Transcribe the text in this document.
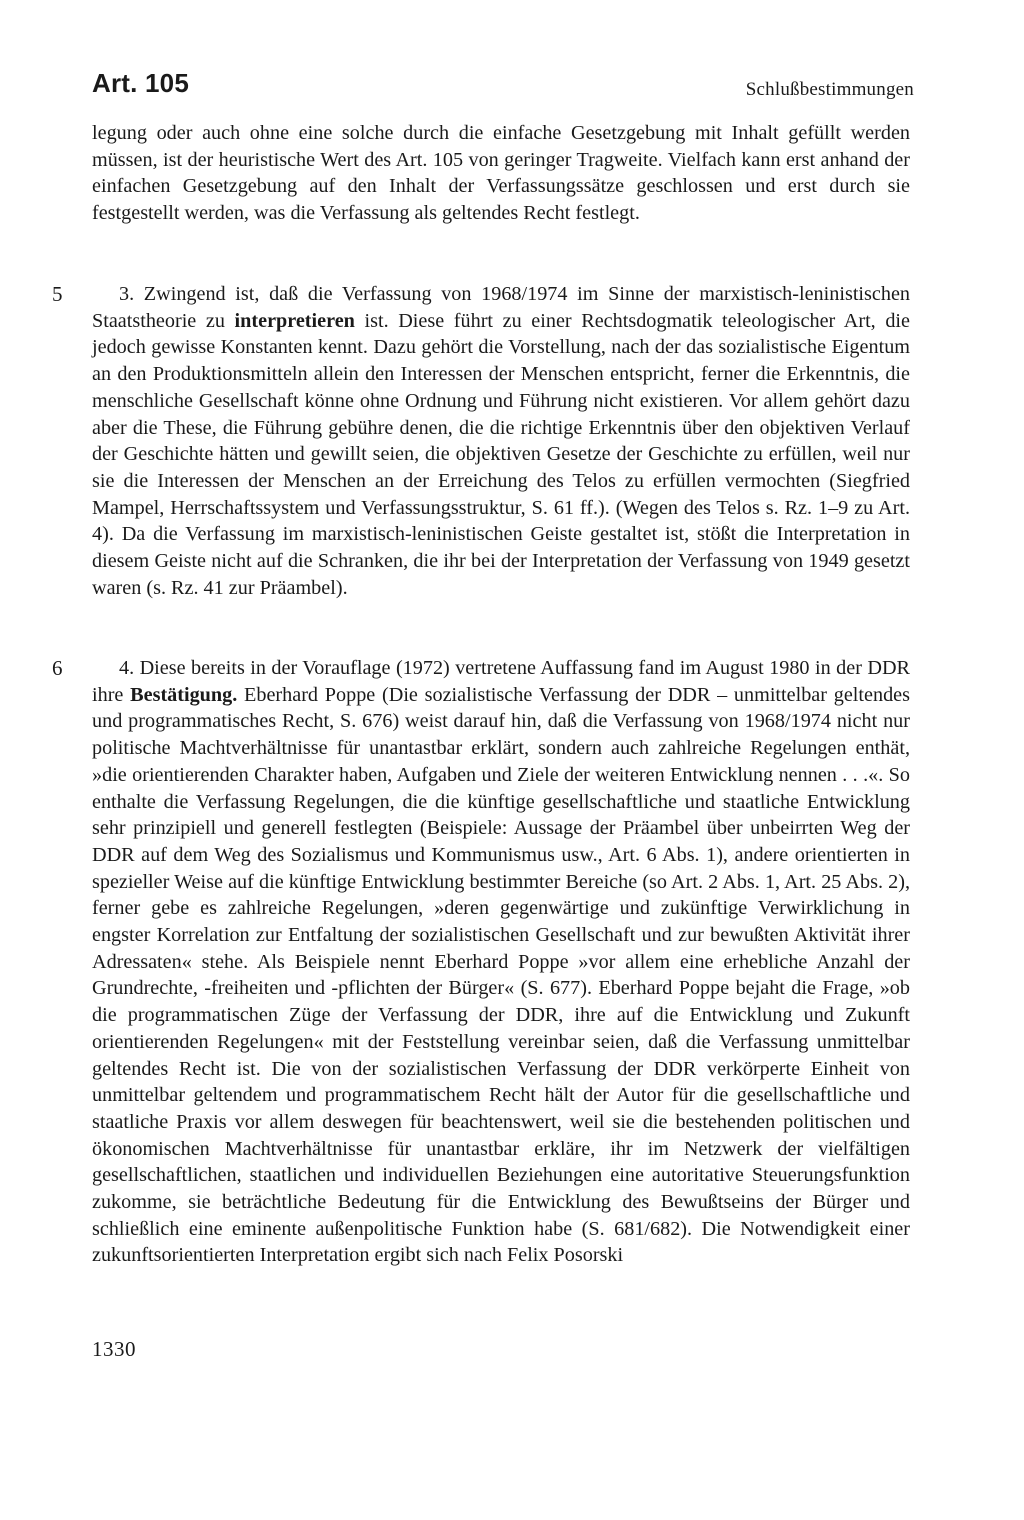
Art. 105	Schlußbestimmungen

legung oder auch ohne eine solche durch die einfache Gesetzgebung mit Inhalt gefüllt werden müssen, ist der heuristische Wert des Art. 105 von geringer Tragweite. Vielfach kann erst anhand der einfachen Gesetzgebung auf den Inhalt der Verfassungssätze geschlossen und erst durch sie festgestellt werden, was die Verfassung als geltendes Recht festlegt.

5	3. Zwingend ist, daß die Verfassung von 1968/1974 im Sinne der marxistisch-leninistischen Staatstheorie zu interpretieren ist. Diese führt zu einer Rechtsdogmatik teleologischer Art, die jedoch gewisse Konstanten kennt. Dazu gehört die Vorstellung, nach der das sozialistische Eigentum an den Produktionsmitteln allein den Interessen der Menschen entspricht, ferner die Erkenntnis, die menschliche Gesellschaft könne ohne Ordnung und Führung nicht existieren. Vor allem gehört dazu aber die These, die Führung gebühre denen, die die richtige Erkenntnis über den objektiven Verlauf der Geschichte hätten und gewillt seien, die objektiven Gesetze der Geschichte zu erfüllen, weil nur sie die Interessen der Menschen an der Erreichung des Telos zu erfüllen vermochten (Siegfried Mampel, Herrschaftssystem und Verfassungsstruktur, S. 61 ff.). (Wegen des Telos s. Rz. 1–9 zu Art. 4). Da die Verfassung im marxistisch-leninistischen Geiste gestaltet ist, stößt die Interpretation in diesem Geiste nicht auf die Schranken, die ihr bei der Interpretation der Verfassung von 1949 gesetzt waren (s. Rz. 41 zur Präambel).

6	4. Diese bereits in der Vorauflage (1972) vertretene Auffassung fand im August 1980 in der DDR ihre Bestätigung. Eberhard Poppe (Die sozialistische Verfassung der DDR – unmittelbar geltendes und programmatisches Recht, S. 676) weist darauf hin, daß die Verfassung von 1968/1974 nicht nur politische Machtverhältnisse für unantastbar erklärt, sondern auch zahlreiche Regelungen enthät, »die orientierenden Charakter haben, Aufgaben und Ziele der weiteren Entwicklung nennen . . .«. So enthalte die Verfassung Regelungen, die die künftige gesellschaftliche und staatliche Entwicklung sehr prinzipiell und generell festlegten (Beispiele: Aussage der Präambel über unbeirrten Weg der DDR auf dem Weg des Sozialismus und Kommunismus usw., Art. 6 Abs. 1), andere orientierten in spezieller Weise auf die künftige Entwicklung bestimmter Bereiche (so Art. 2 Abs. 1, Art. 25 Abs. 2), ferner gebe es zahlreiche Regelungen, »deren gegenwärtige und zukünftige Verwirklichung in engster Korrelation zur Entfaltung der sozialistischen Gesellschaft und zur bewußten Aktivität ihrer Adressaten« stehe. Als Beispiele nennt Eberhard Poppe »vor allem eine erhebliche Anzahl der Grundrechte, -freiheiten und -pflichten der Bürger« (S. 677). Eberhard Poppe bejaht die Frage, »ob die programmatischen Züge der Verfassung der DDR, ihre auf die Entwicklung und Zukunft orientierenden Regelungen« mit der Feststellung vereinbar seien, daß die Verfassung unmittelbar geltendes Recht ist. Die von der sozialistischen Verfassung der DDR verkörperte Einheit von unmittelbar geltendem und programmatischem Recht hält der Autor für die gesellschaftliche und staatliche Praxis vor allem deswegen für beachtenswert, weil sie die bestehenden politischen und ökonomischen Machtverhältnisse für unantastbar erkläre, ihr im Netzwerk der vielfältigen gesellschaftlichen, staatlichen und individuellen Beziehungen eine autoritative Steuerungsfunktion zukomme, sie beträchtliche Bedeutung für die Entwicklung des Bewußtseins der Bürger und schließlich eine eminente außenpolitische Funktion habe (S. 681/682). Die Notwendigkeit einer zukunftsorientierten Interpretation ergibt sich nach Felix Posorski

1330
